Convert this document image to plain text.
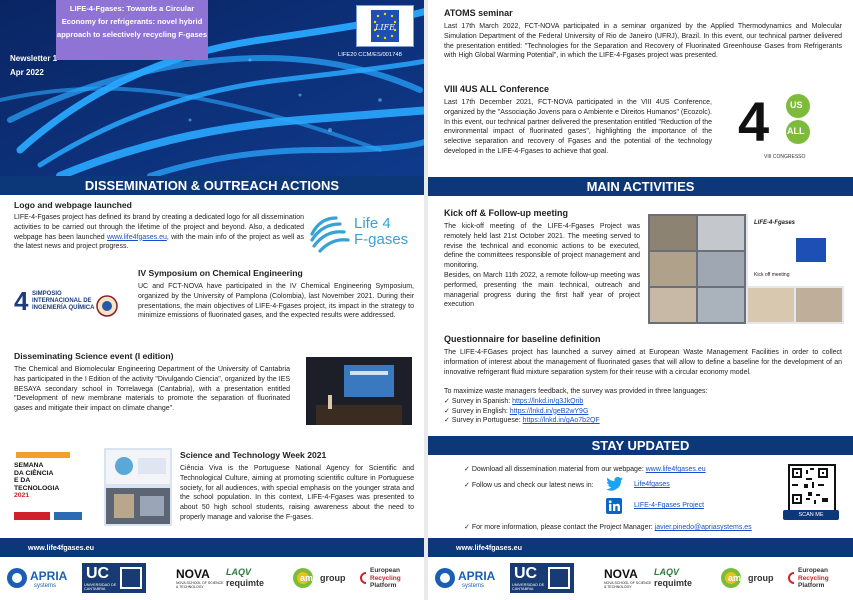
LIFE-4-Fgases: Towards a Circular Economy for refrigerants: novel hybrid approach to selectively recycling F-gases
Newsletter 1
Apr 2022
LIFE
LIFE20 CCM/ES/001748
DISSEMINATION & OUTREACH ACTIONS
Logo and webpage launched
LIFE-4-Fgases project has defined its brand by creating a dedicated logo for all dissemination activities to be carried out through the lifetime of the project and beyond. Also, a dedicated webpage has been launched www.life4fgases.eu, with the main info of the project as well as the latest news and project progress.
Life 4
F-gases
4 SIMPOSIO
INTERNACIONAL DE
INGENIERÍA QUÍMICA
IV Symposium on Chemical Engineering
UC and FCT-NOVA have participated in the IV Chemical Engineering Symposium, organized by the University of Pamplona (Colombia), last November 2021. During their presentations, the main objectives of LIFE-4-Fgases project, its impact in the strategy to minimize emissions of fluorinated gases, and the expected results were addressed.
Disseminating Science event (I edition)
The Chemical and Biomolecular Engineering Department of the University of Cantabria has participated in the I Edition of the activity "Divulgando Ciencia", organized by the IES BESAYA secondary school in Torrelavega (Cantabria), with a presentation entitled "Development of new membrane materials to promote the separation of fluorinated gases and mitigate their impact on climate change".
SEMANA
DA CIÊNCIA
E DA
TECNOLOGIA
2021
Science and Technology Week 2021
Ciência Viva is the Portuguese National Agency for Scientific and Technological Culture, aiming at promoting scientific culture in Portuguese society, for all audiences, with special emphasis on the younger strata and the school population. In this context, LIFE-4-Fgases was presented to about 50 high school students, raising awareness about the need to properly manage and valorise the F-gases.
www.life4fgases.eu
APRIA
systems
UC
UNIVERSIDAD DE CANTABRIA
NOVA
NOVA SCHOOL OF SCIENCE & TECHNOLOGY
LAQV
requimte	ambi
group
European
Recycling
Platform
ATOMS seminar
Last 17th March 2022, FCT-NOVA participated in a seminar organized by the Applied Thermodynamics and Molecular Simulation Department of the Federal University of Rio de Janeiro (UFRJ), Brazil. In this event, our technical partner delivered the presentation entitled: "Technologies for the Separation and Recovery of Fluorinated Greenhouse Gases from Refrigerants with High Global Warming Potential", in which the LIFE-4-Fgases project was presented.
VIII 4US ALL Conference
Last 17th December 2021, FCT-NOVA participated in the VIII 4US Conference, organized by the "Associação Jovens para o Ambiente e Direitos Humanos" (Ecozolc). In this event, our technical partner delivered the presentation entitled "Reduction of the environmental impact of fluorinated gases", highlighting the importance of the selective separation and recovery of Fgases and the potential of the technology developed in the LIFE-4-Fgases to achieve that goal.	4 US
ALL
VIII CONGRESSO
MAIN ACTIVITIES
Kick off & Follow-up meeting
The kick-off meeting of the LIFE-4-Fgases Project was remotely held last 21st October 2021. The meeting served to revise the technical and economic actions to be executed, define the committees responsible of project management and monitoring.
Besides, on March 11th 2022, a remote follow-up meeting was performed, presenting the main technical, outreach and managerial progress during the first half year of project execution
LIFE-4-Fgases
Kick off meeting
Questionnaire for baseline definition
The LIFE-4-FGases project has launched a survey aimed at European Waste Management Facilities in order to collect information of interest about the management of fluorinated gases that will allow to define a baseline for the development of an innovative refrigerant fluid mixture separation system for their reuse with a circular economy model.
To maximize waste managers feedback, the survey was provided in three languages:
✓ Survey in Spanish: https://lnkd.in/g3JkQrib
✓ Survey in English: https://lnkd.in/geB2wY9G
✓ Survey in Portuguese: https://lnkd.in/gAo7b2QF
STAY UPDATED
✓ Download all dissemination material from our webpage: www.life4fgases.eu
✓ Follow us and check our latest news in:	Life4fgases
LIFE-4-Fgases Project
✓ For more information, please contact the Project Manager: javier.pinedo@apriasystems.es
SCAN ME
www.life4fgases.eu
APRIA
systems
UC
UNIVERSIDAD DE CANTABRIA
NOVA
NOVA SCHOOL OF SCIENCE & TECHNOLOGY
LAQV
requimte	ambi
group
European
Recycling
Platform
